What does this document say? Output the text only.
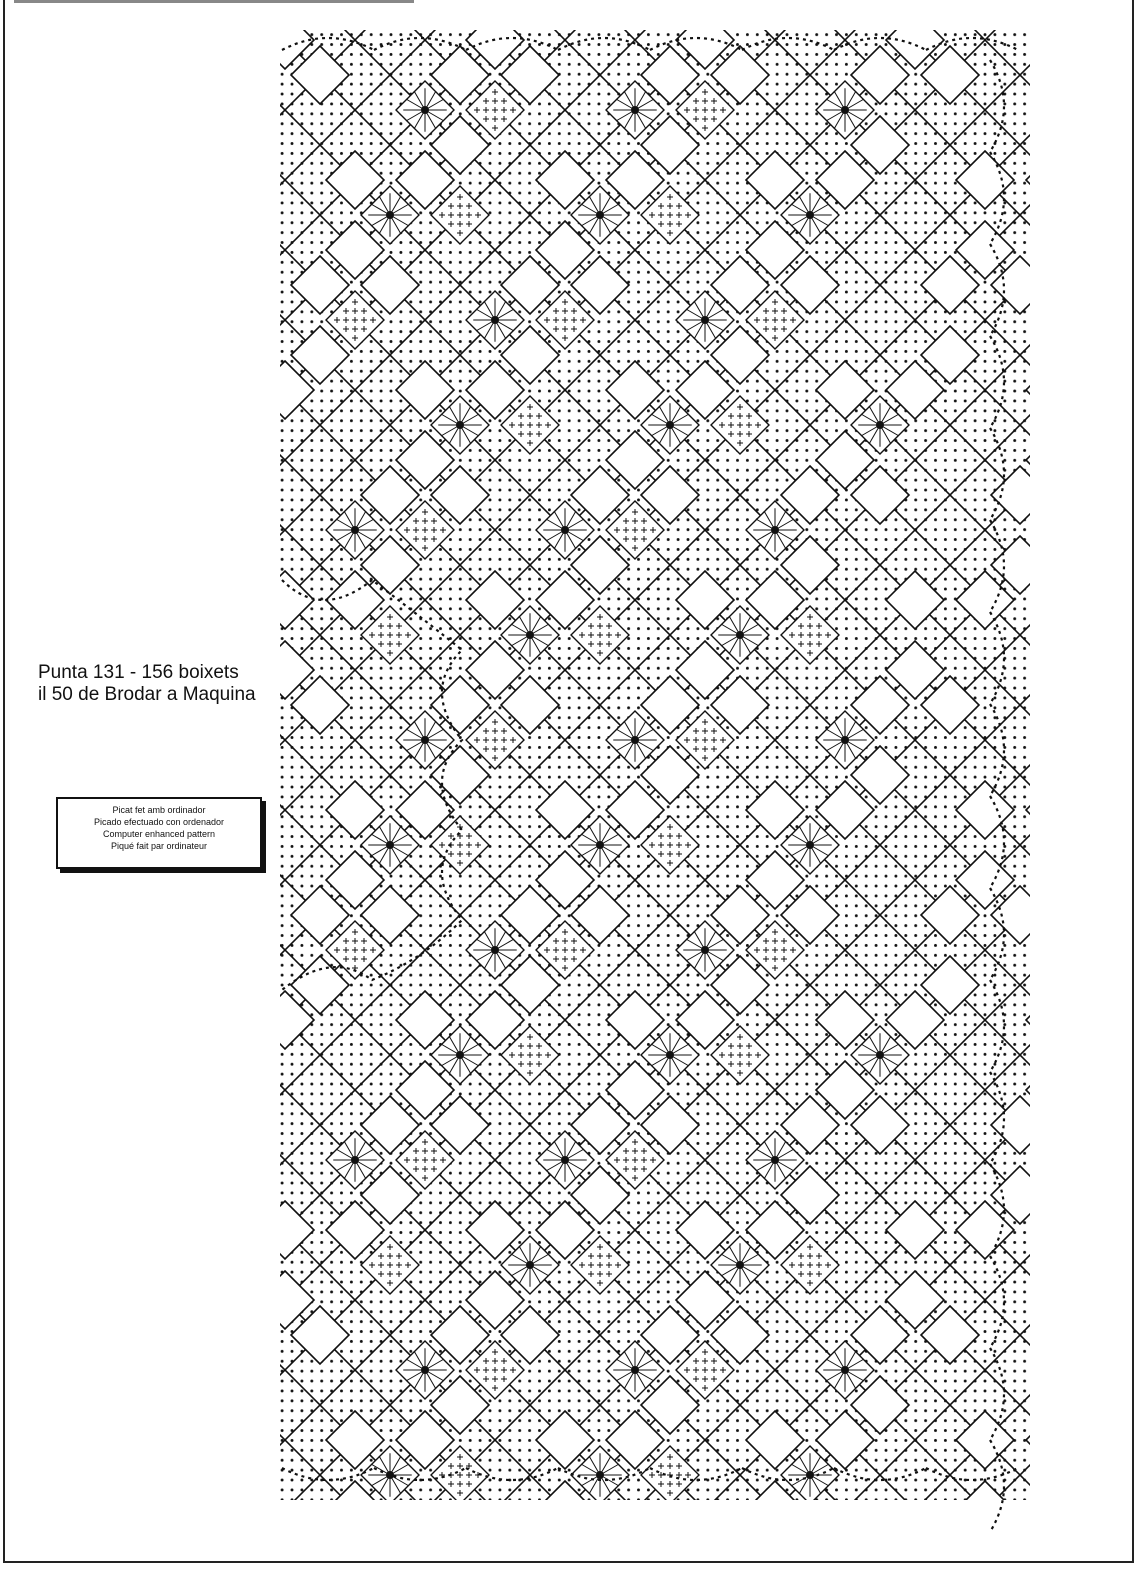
Punta 131 - 156 boixets
il 50 de Brodar a Maquina
Picat fet amb ordinador
Picado efectuado con ordenador
Computer enhanced pattern
Piqué fait par ordinateur
